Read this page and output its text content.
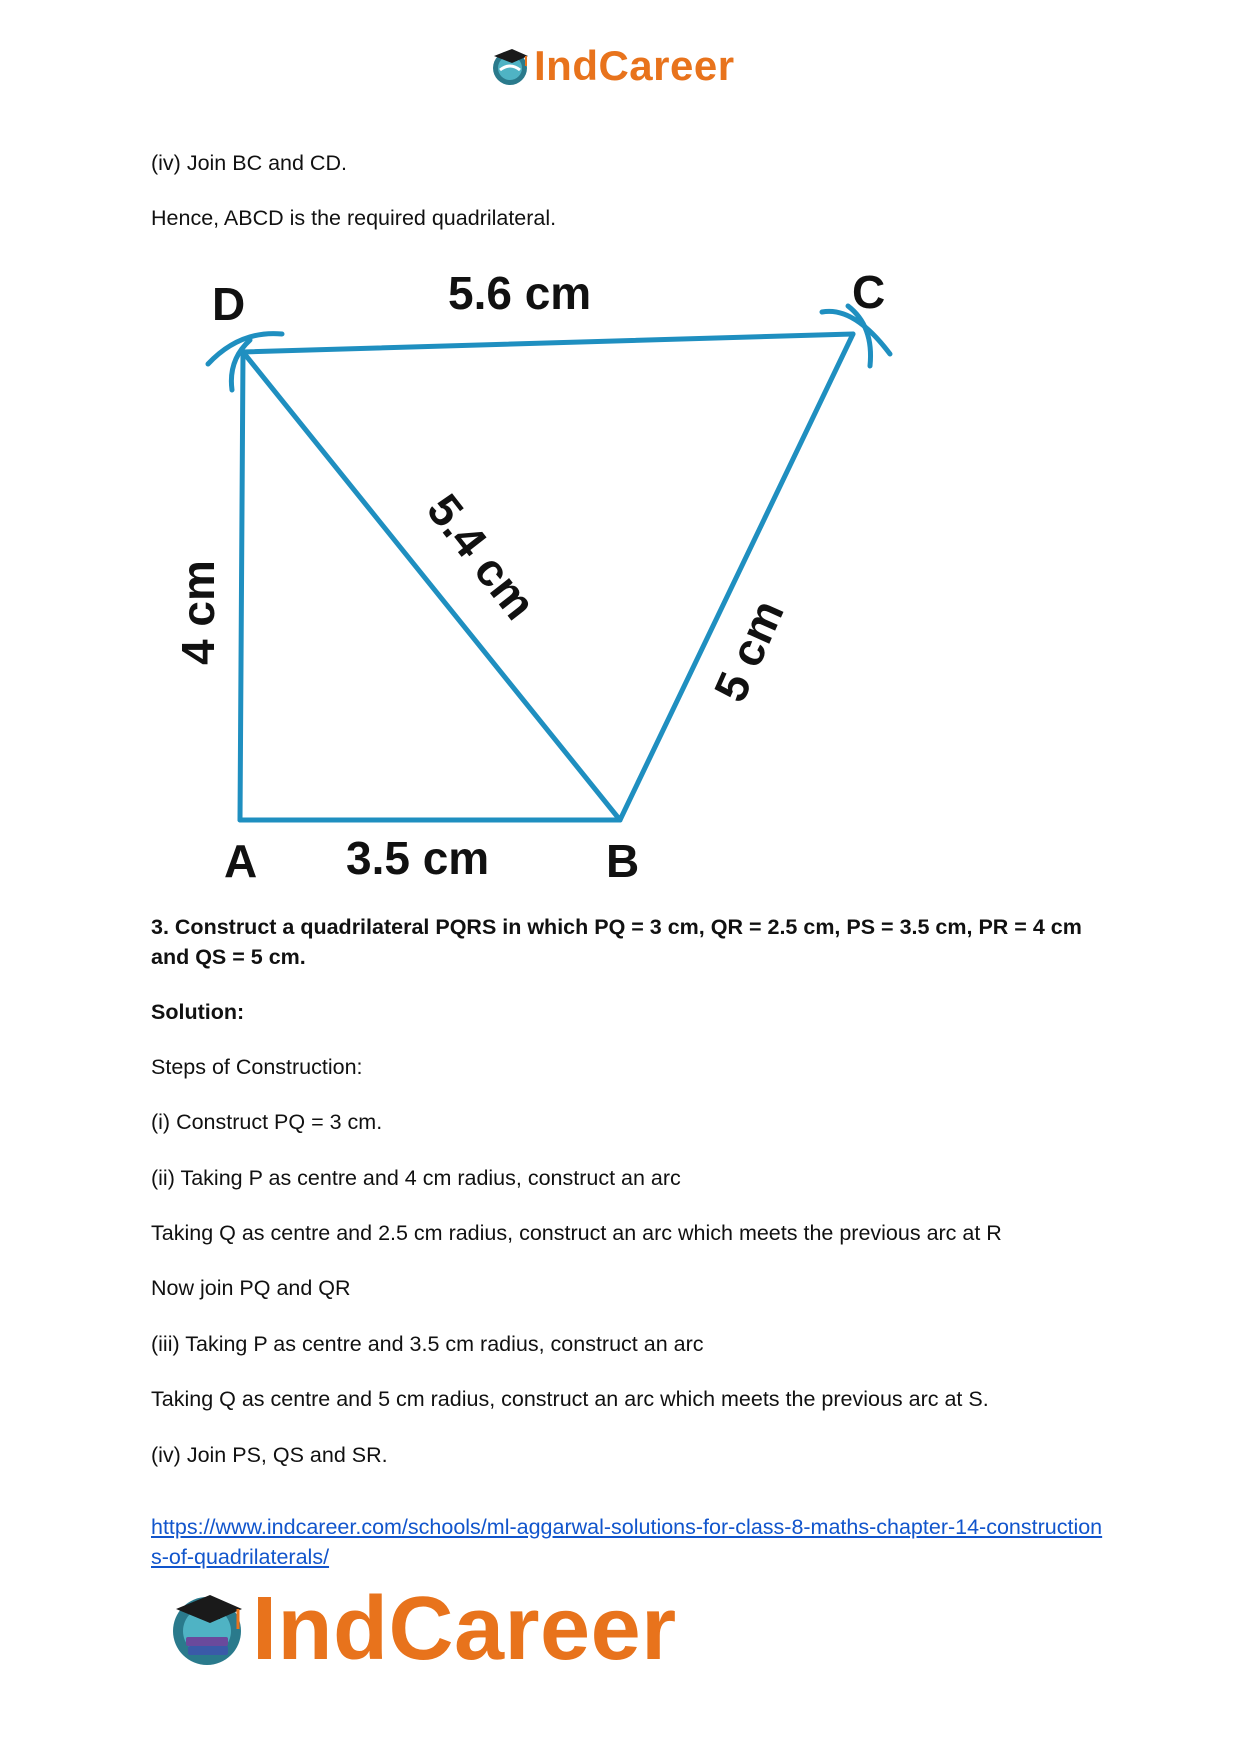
IndCareer

(iv) Join BC and CD.

Hence, ABCD is the required quadrilateral.

D	C
A	B
5.6 cm
3.5 cm
4 cm	5.4 cm
5 cm

3. Construct a quadrilateral PQRS in which PQ = 3 cm, QR = 2.5 cm, PS = 3.5 cm, PR = 4 cm and QS = 5 cm.

Solution:

Steps of Construction:

(i) Construct PQ = 3 cm.

(ii) Taking P as centre and 4 cm radius, construct an arc

Taking Q as centre and 2.5 cm radius, construct an arc which meets the previous arc at R

Now join PQ and QR

(iii) Taking P as centre and 3.5 cm radius, construct an arc

Taking Q as centre and 5 cm radius, construct an arc which meets the previous arc at S.

(iv) Join PS, QS and SR.

https://www.indcareer.com/schools/ml-aggarwal-solutions-for-class-8-maths-chapter-14-constructions-of-quadrilaterals/
IndCareer
